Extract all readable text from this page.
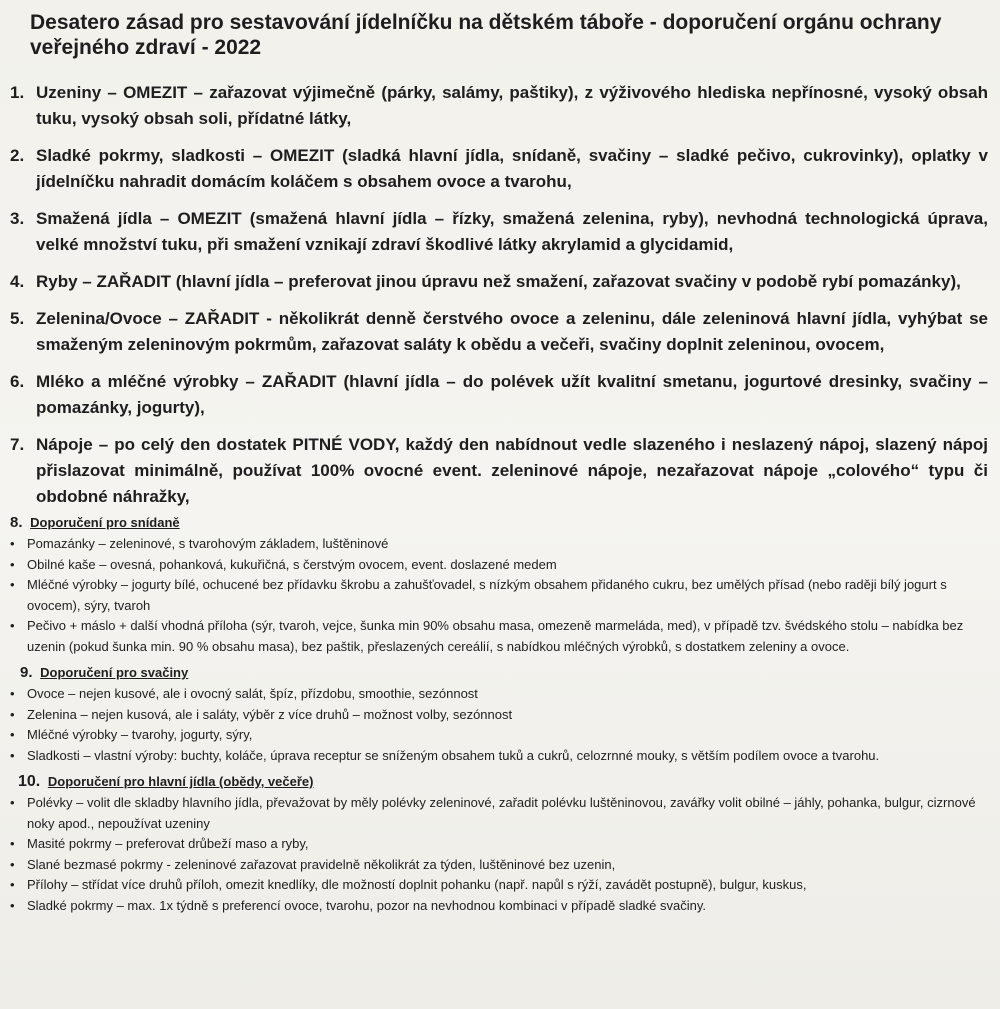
Desatero zásad pro sestavování jídelníčku na dětském táboře - doporučení orgánu ochrany veřejného zdraví - 2022
1. Uzeniny – OMEZIT – zařazovat výjimečně (párky, salámy, paštiky), z výživového hlediska nepřínosné, vysoký obsah tuku, vysoký obsah soli, přídatné látky,
2. Sladké pokrmy, sladkosti – OMEZIT (sladká hlavní jídla, snídaně, svačiny – sladké pečivo, cukrovinky), oplatky v jídelníčku nahradit domácím koláčem s obsahem ovoce a tvarohu,
3. Smažená jídla – OMEZIT (smažená hlavní jídla – řízky, smažená zelenina, ryby), nevhodná technologická úprava, velké množství tuku, při smažení vznikají zdraví škodlivé látky akrylamid a glycidamid,
4. Ryby – ZAŘADIT (hlavní jídla – preferovat jinou úpravu než smažení, zařazovat svačiny v podobě rybí pomazánky),
5. Zelenina/Ovoce – ZAŘADIT - několikrát denně čerstvého ovoce a zeleninu, dále zeleninová hlavní jídla, vyhýbat se smaženým zeleninovým pokrmům, zařazovat saláty k obědu a večeři, svačiny doplnit zeleninou, ovocem,
6. Mléko a mléčné výrobky – ZAŘADIT (hlavní jídla – do polévek užít kvalitní smetanu, jogurtové dresinky, svačiny – pomazánky, jogurty),
7. Nápoje – po celý den dostatek PITNÉ VODY, každý den nabídnout vedle slazeného i neslazený nápoj, slazený nápoj přislazovat minimálně, používat 100% ovocné event. zeleninové nápoje, nezařazovat nápoje „colového“ typu či obdobné náhražky,
8. Doporučení pro snídaně
• Pomazánky – zeleninové, s tvarohovým základem, luštěninové
• Obilné kaše – ovesná, pohanková, kukuřičná, s čerstvým ovocem, event. doslazené medem
• Mléčné výrobky – jogurty bílé, ochucené bez přídavku škrobu a zahušťovadel, s nízkým obsahem přidaného cukru, bez umělých přísad (nebo raději bílý jogurt s ovocem), sýry, tvaroh
• Pečivo + máslo + další vhodná příloha (sýr, tvaroh, vejce, šunka min 90% obsahu masa, omezeně marmeláda, med), v případě tzv. švédského stolu – nabídka bez uzenin (pokud šunka min. 90 % obsahu masa), bez paštik, přeslazených cereálií, s nabídkou mléčných výrobků, s dostatkem zeleniny a ovoce.
9. Doporučení pro svačiny
• Ovoce – nejen kusové, ale i ovocný salát, špíz, přízdobu, smoothie, sezónnost
• Zelenina – nejen kusová, ale i saláty, výběr z více druhů – možnost volby, sezónnost
• Mléčné výrobky – tvarohy, jogurty, sýry,
• Sladkosti – vlastní výroby: buchty, koláče, úprava receptur se sníženým obsahem tuků a cukrů, celozrnné mouky, s větším podílem ovoce a tvarohu.
10. Doporučení pro hlavní jídla (obědy, večeře)
• Polévky – volit dle skladby hlavního jídla, převažovat by měly polévky zeleninové, zařadit polévku luštěninovou, zavářky volit obilné – jáhly, pohanka, bulgur, cizrnové noky apod., nepoužívat uzeniny
• Masité pokrmy – preferovat drůbeží maso a ryby,
• Slané bezmasé pokrmy - zeleninové zařazovat pravidelně několikrát za týden, luštěninové bez uzenin,
• Přílohy – střídat více druhů příloh, omezit knedlíky, dle možností doplnit pohanku (např. napůl s rýží, zavádět postupně), bulgur, kuskus,
• Sladké pokrmy – max. 1x týdně s preferencí ovoce, tvarohu, pozor na nevhodnou kombinaci v případě sladké svačiny.
